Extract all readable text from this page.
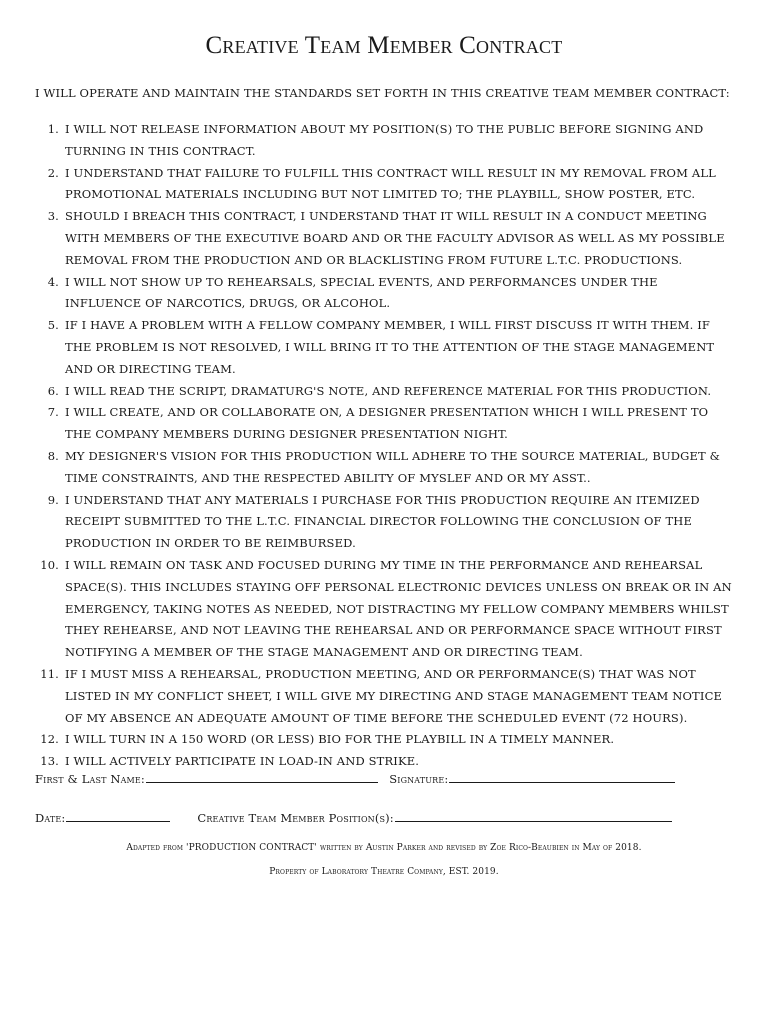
Creative Team Member Contract

I WILL OPERATE AND MAINTAIN THE STANDARDS SET FORTH IN THIS CREATIVE TEAM MEMBER CONTRACT:

1. I WILL NOT RELEASE INFORMATION ABOUT MY POSITION(S) TO THE PUBLIC BEFORE SIGNING AND TURNING IN THIS CONTRACT.
2. I UNDERSTAND THAT FAILURE TO FULFILL THIS CONTRACT WILL RESULT IN MY REMOVAL FROM ALL PROMOTIONAL MATERIALS INCLUDING BUT NOT LIMITED TO; THE PLAYBILL, SHOW POSTER, ETC.
3. SHOULD I BREACH THIS CONTRACT, I UNDERSTAND THAT IT WILL RESULT IN A CONDUCT MEETING WITH MEMBERS OF THE EXECUTIVE BOARD AND OR THE FACULTY ADVISOR AS WELL AS MY POSSIBLE REMOVAL FROM THE PRODUCTION AND OR BLACKLISTING FROM FUTURE L.T.C. PRODUCTIONS.
4. I WILL NOT SHOW UP TO REHEARSALS, SPECIAL EVENTS, AND PERFORMANCES UNDER THE INFLUENCE OF NARCOTICS, DRUGS, OR ALCOHOL.
5. IF I HAVE A PROBLEM WITH A FELLOW COMPANY MEMBER, I WILL FIRST DISCUSS IT WITH THEM. IF THE PROBLEM IS NOT RESOLVED, I WILL BRING IT TO THE ATTENTION OF THE STAGE MANAGEMENT AND OR DIRECTING TEAM.
6. I WILL READ THE SCRIPT, DRAMATURG'S NOTE, AND REFERENCE MATERIAL FOR THIS PRODUCTION.
7. I WILL CREATE, AND OR COLLABORATE ON, A DESIGNER PRESENTATION WHICH I WILL PRESENT TO THE COMPANY MEMBERS DURING DESIGNER PRESENTATION NIGHT.
8. MY DESIGNER'S VISION FOR THIS PRODUCTION WILL ADHERE TO THE SOURCE MATERIAL, BUDGET & TIME CONSTRAINTS, AND THE RESPECTED ABILITY OF MYSLEF AND OR MY ASST..
9. I UNDERSTAND THAT ANY MATERIALS I PURCHASE FOR THIS PRODUCTION REQUIRE AN ITEMIZED RECEIPT SUBMITTED TO THE L.T.C. FINANCIAL DIRECTOR FOLLOWING THE CONCLUSION OF THE PRODUCTION IN ORDER TO BE REIMBURSED.
10. I WILL REMAIN ON TASK AND FOCUSED DURING MY TIME IN THE PERFORMANCE AND REHEARSAL SPACE(S). THIS INCLUDES STAYING OFF PERSONAL ELECTRONIC DEVICES UNLESS ON BREAK OR IN AN EMERGENCY, TAKING NOTES AS NEEDED, NOT DISTRACTING MY FELLOW COMPANY MEMBERS WHILST THEY REHEARSE, AND NOT LEAVING THE REHEARSAL AND OR PERFORMANCE SPACE WITHOUT FIRST NOTIFYING A MEMBER OF THE STAGE MANAGEMENT AND OR DIRECTING TEAM.
11. IF I MUST MISS A REHEARSAL, PRODUCTION MEETING, AND OR PERFORMANCE(S) THAT WAS NOT LISTED IN MY CONFLICT SHEET, I WILL GIVE MY DIRECTING AND STAGE MANAGEMENT TEAM NOTICE OF MY ABSENCE AN ADEQUATE AMOUNT OF TIME BEFORE THE SCHEDULED EVENT (72 HOURS).
12. I WILL TURN IN A 150 WORD (OR LESS) BIO FOR THE PLAYBILL IN A TIMELY MANNER.
13. I WILL ACTIVELY PARTICIPATE IN LOAD-IN AND STRIKE.
First & Last Name:	Signature:
Date:	Creative Team Member Position(s):

Adapted from 'PRODUCTION CONTRACT' written by Austin Parker and revised by Zoe Rico-Beaubien in May of 2018.

Property of Laboratory Theatre Company, EST. 2019.
